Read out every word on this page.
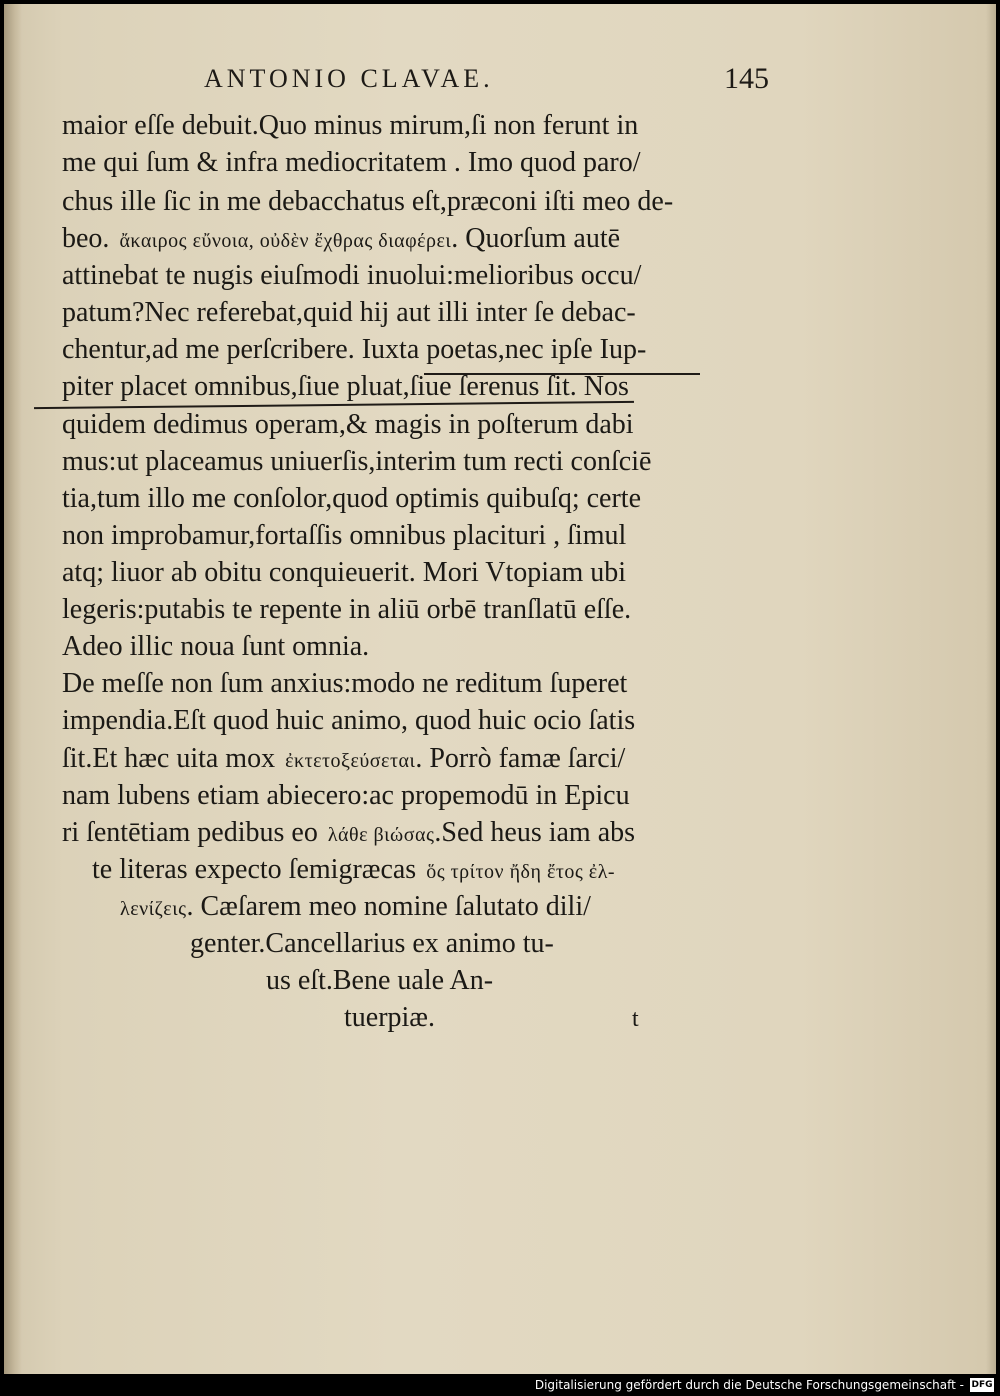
ANTONIO CLAVAE.	145
maior eſſe debuit.Quo minus mirum,ſi non ferunt in
me qui ſum & infra mediocritatem . Imo quod paro/
chus ille ſic in me debacchatus eſt,præconi iſti meo de-
beo. ἄκαιρος εὔνοια, οὐδὲν ἔχθρας διαφέρει. Quorſum autē
attinebat te nugis eiuſmodi inuolui:melioribus occu/
patum?Nec referebat,quid hij aut illi inter ſe debac-
chentur,ad me perſcribere. Iuxta poetas,nec ipſe Iup-
piter placet omnibus,ſiue pluat,ſiue ſerenus ſit. Nos
quidem dedimus operam,& magis in poſterum dabi
mus:ut placeamus uniuerſis,interim tum recti conſciē
tia,tum illo me conſolor,quod optimis quibuſq; certe
non improbamur,fortaſſis omnibus placituri , ſimul
atq; liuor ab obitu conquieuerit. Mori Vtopiam ubi
legeris:putabis te repente in aliū orbē tranſlatū eſſe.
Adeo illic noua ſunt omnia.
De meſſe non ſum anxius:modo ne reditum ſuperet
impendia.Eſt quod huic animo, quod huic ocio ſatis
ſit.Et hæc uita mox ἐκτετοξεύσεται. Porrò famæ ſarci/
nam lubens etiam abiecero:ac propemodū in Epicu
ri ſentētiam pedibus eo λάθε βιώσας.Sed heus iam abs
te literas expecto ſemigræcas ὅς τρίτον ἤδη ἔτος ἐλ-
λενίζεις. Cæſarem meo nomine ſalutato dili/
genter.Cancellarius ex animo tu-
us eſt.Bene uale An-
tuerpiæ.	t
Digitalisierung gefördert durch die Deutsche Forschungsgemeinschaft - DFG
